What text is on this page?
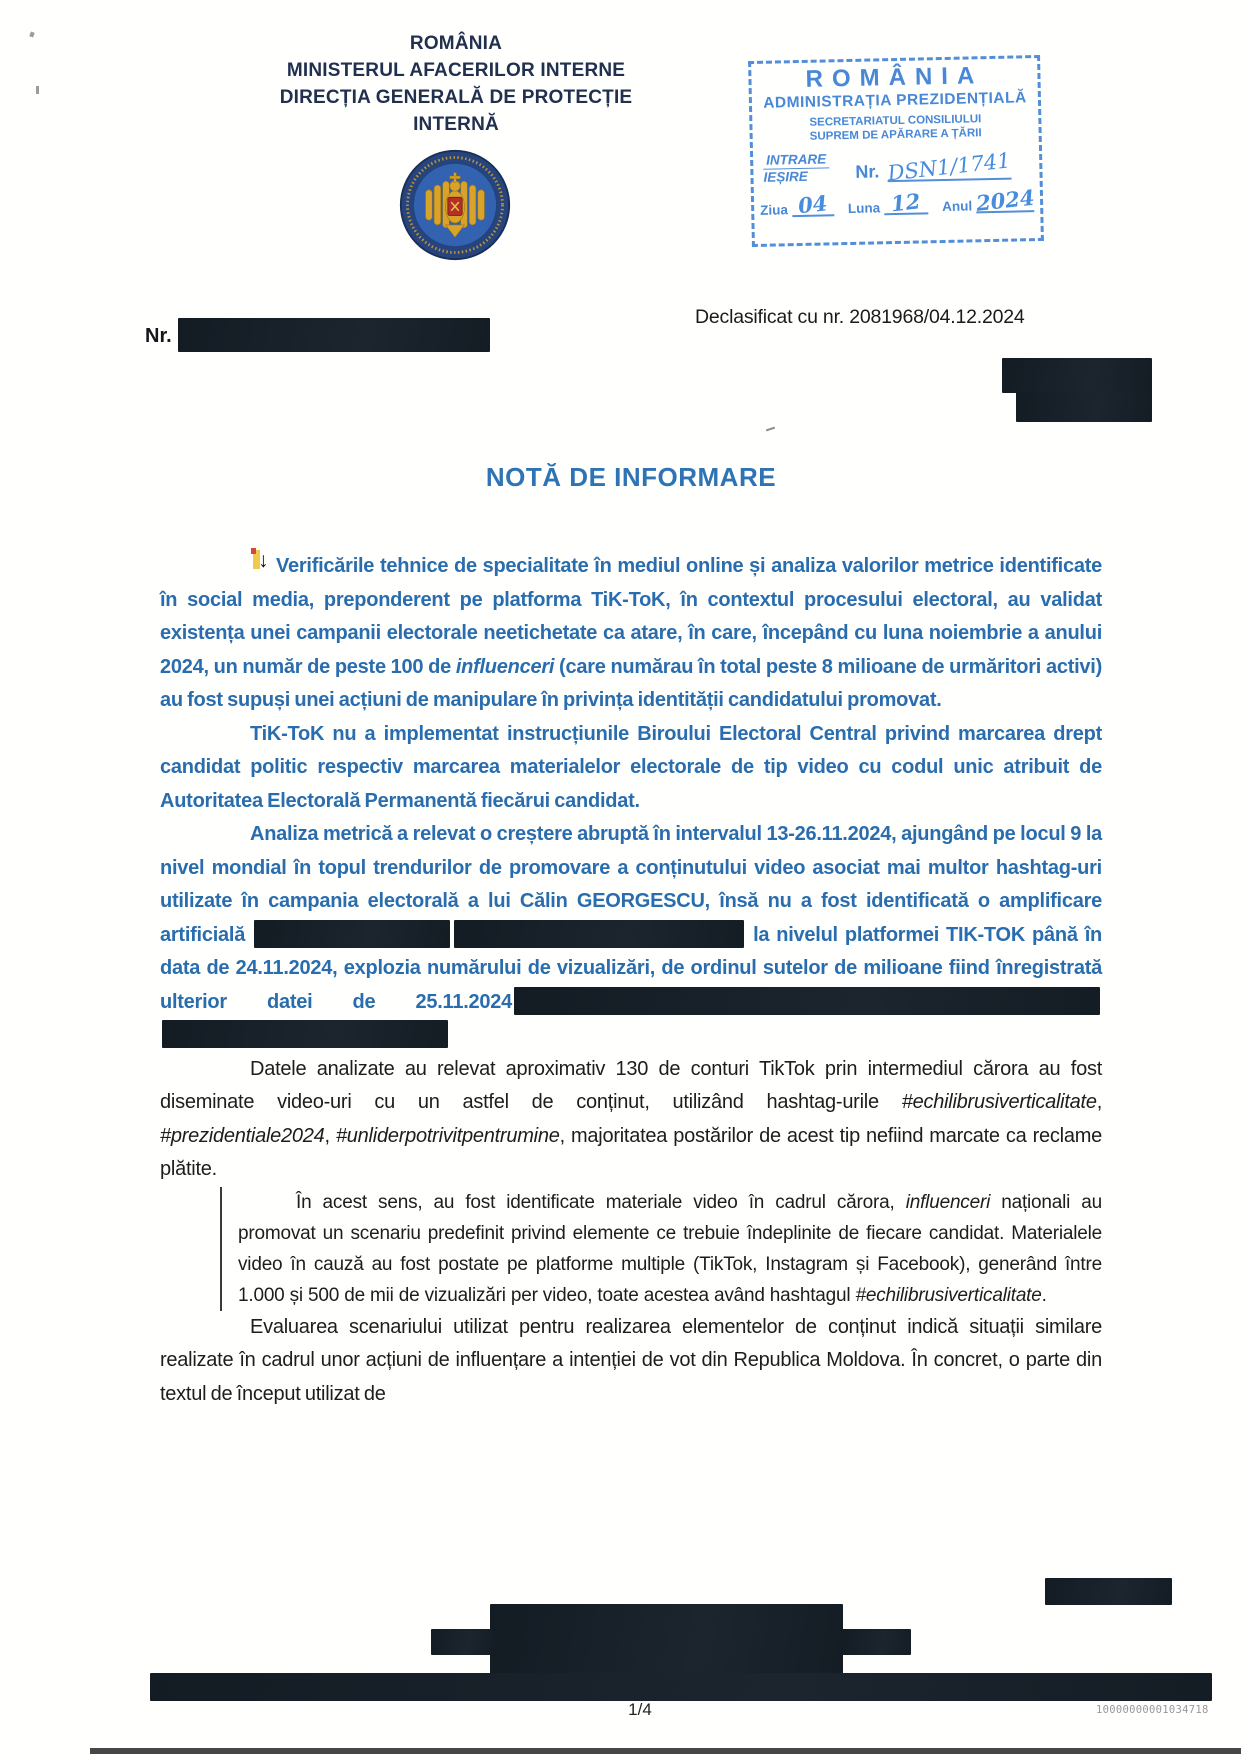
ROMÂNIA
MINISTERUL AFACERILOR INTERNE
DIRECȚIA GENERALĂ DE PROTECȚIE
INTERNĂ
ROMÂNIA
ADMINISTRAȚIA PREZIDENȚIALĂ
SECRETARIATUL CONSILIULUI
SUPREM DE APĂRARE A ȚĂRII
INTRARE
IEȘIRE	Nr. DSN1/1741
Ziua 04	Luna 12	Anul 2024
Nr.
Declasificat cu nr. 2081968/04.12.2024
NOTĂ DE INFORMARE

↓ Verificările tehnice de specialitate în mediul online și analiza valorilor metrice identificate în social media, preponderent pe platforma TiK-ToK, în contextul procesului electoral, au validat existența unei campanii electorale neetichetate ca atare, în care, începând cu luna noiembrie a anului 2024, un număr de peste 100 de influenceri (care numărau în total peste 8 milioane de urmăritori activi) au fost supuși unei acțiuni de manipulare în privința identității candidatului promovat.

TiK-ToK nu a implementat instrucțiunile Biroului Electoral Central privind marcarea drept candidat politic respectiv marcarea materialelor electorale de tip video cu codul unic atribuit de Autoritatea Electorală Permanentă fiecărui candidat.

Analiza metrică a relevat o creștere abruptă în intervalul 13-26.11.2024, ajungând pe locul 9 la nivel mondial în topul trendurilor de promovare a conținutului video asociat mai multor hashtag-uri utilizate în campania electorală a lui Călin GEORGESCU, însă nu a fost identificată o amplificare artificială	la nivelul platformei TIK-TOK până în data de 24.11.2024, explozia numărului de vizualizări, de ordinul sutelor de milioane fiind înregistrată ulterior datei de 25.11.2024

Datele analizate au relevat aproximativ 130 de conturi TikTok prin intermediul cărora au fost diseminate video-uri cu un astfel de conținut, utilizând hashtag-urile #echilibrusiverticalitate, #prezidentiale2024, #unliderpotrivitpentrumine, majoritatea postărilor de acest tip nefiind marcate ca reclame plătite.

În acest sens, au fost identificate materiale video în cadrul cărora, influenceri naționali au promovat un scenariu predefinit privind elemente ce trebuie îndeplinite de fiecare candidat. Materialele video în cauză au fost postate pe platforme multiple (TikTok, Instagram și Facebook), generând între 1.000 și 500 de mii de vizualizări per video, toate acestea având hashtagul #echilibrusiverticalitate.

Evaluarea scenariului utilizat pentru realizarea elementelor de conținut indică situații similare realizate în cadrul unor acțiuni de influențare a intenției de vot din Republica Moldova. În concret, o parte din textul de început utilizat de

1/4	10000000001034718
